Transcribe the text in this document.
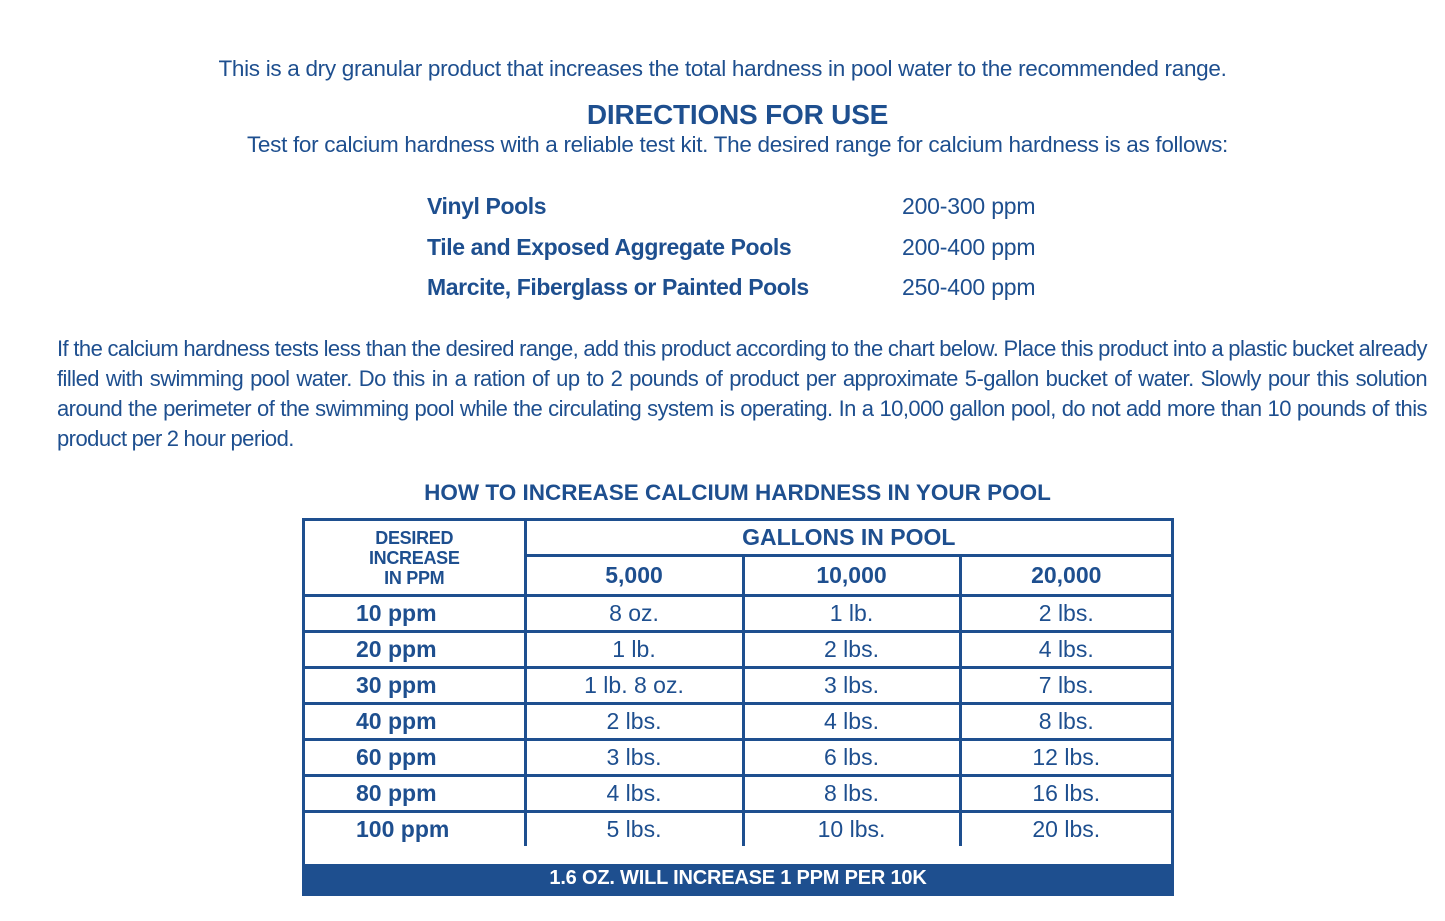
This is a dry granular product that increases the total hardness in pool water to the recommended range.
DIRECTIONS FOR USE
Test for calcium hardness with a reliable test kit. The desired range for calcium hardness is as follows:
Vinyl Pools	200-300 ppm
Tile and Exposed Aggregate Pools	200-400 ppm
Marcite, Fiberglass or Painted Pools	250-400 ppm
If the calcium hardness tests less than the desired range, add this product according to the chart below. Place this product into a plastic bucket already filled with swimming pool water. Do this in a ration of up to 2 pounds of product per approximate 5-gallon bucket of water. Slowly pour this solution around the perimeter of the swimming pool while the circulating system is operating. In a 10,000 gallon pool, do not add more than 10 pounds of this product per 2 hour period.
HOW TO INCREASE CALCIUM HARDNESS IN YOUR POOL
DESIRED
INCREASE
IN PPM	GALLONS IN POOL		
	5,000	10,000	20,000
10 ppm	8 oz.	1 lb.	2 lbs.
20 ppm	1 lb.	2 lbs.	4 lbs.
30 ppm	1 lb. 8 oz.	3 lbs.	7 lbs.
40 ppm	2 lbs.	4 lbs.	8 lbs.
60 ppm	3 lbs.	6 lbs.	12 lbs.
80 ppm	4 lbs.	8 lbs.	16 lbs.
100 ppm	5 lbs.	10 lbs.	20 lbs.
1.6 OZ. WILL INCREASE 1 PPM PER 10K
